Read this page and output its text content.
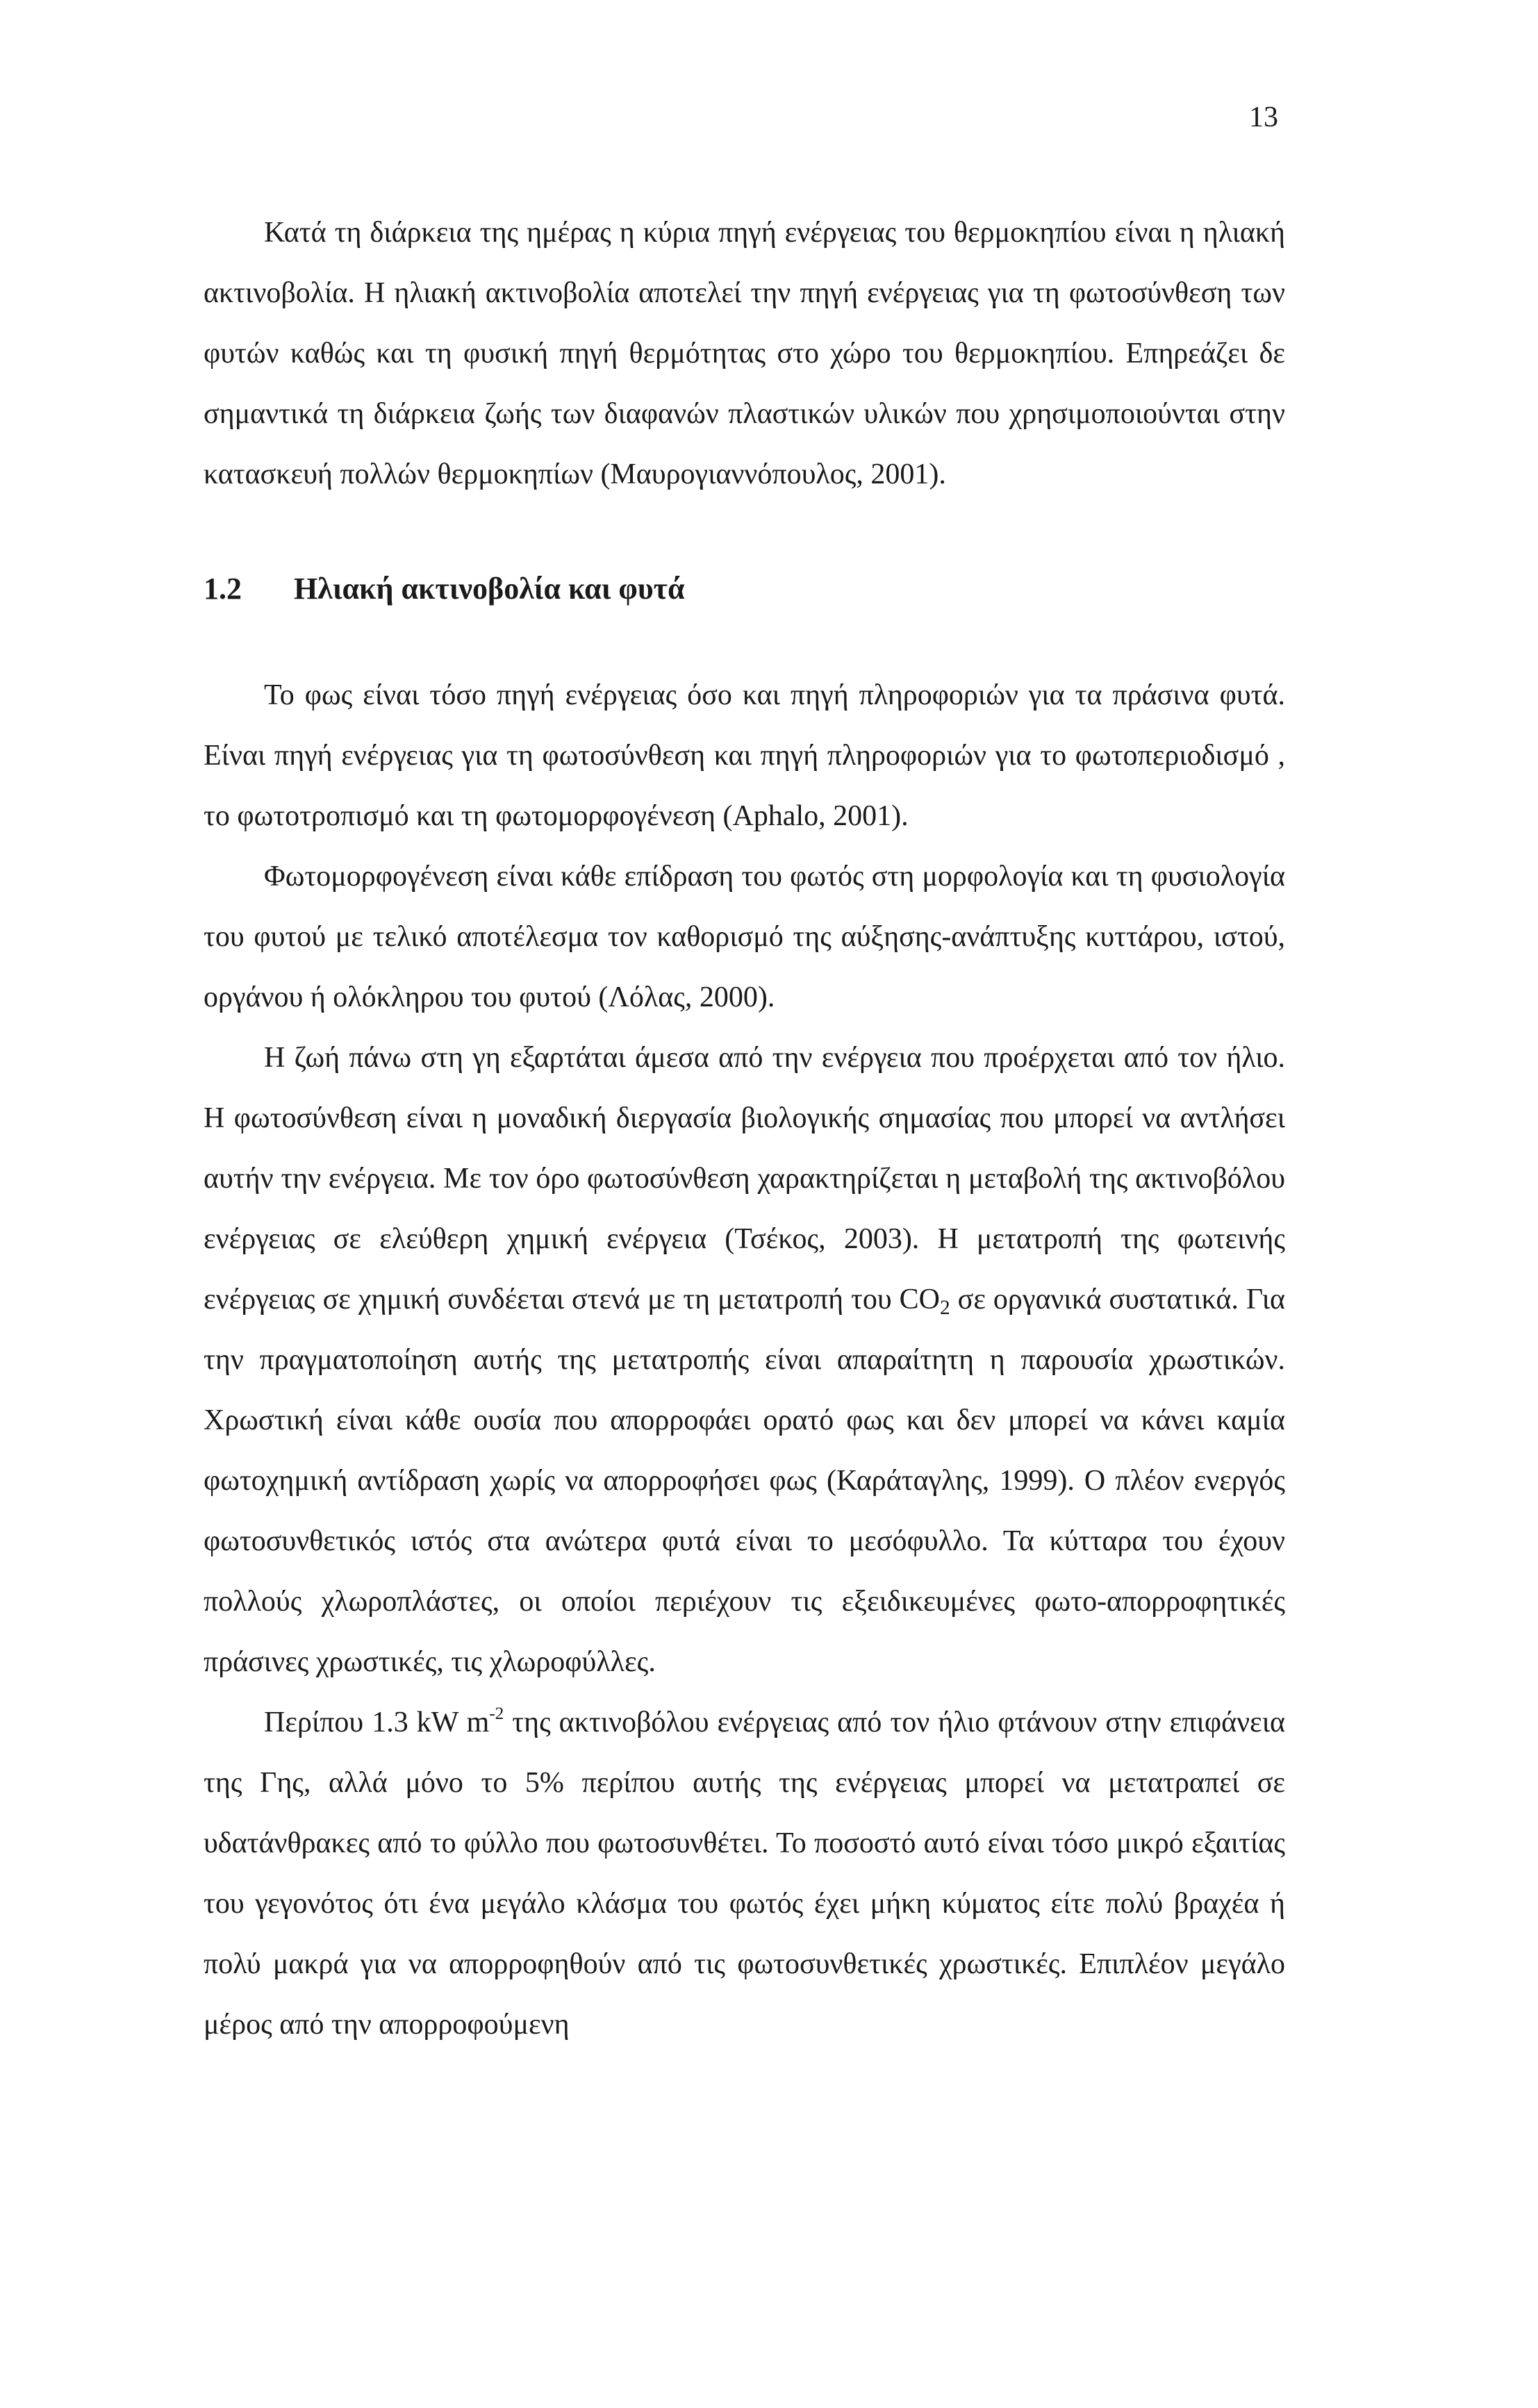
13

Κατά τη διάρκεια της ημέρας η κύρια πηγή ενέργειας του θερμοκηπίου είναι η ηλιακή ακτινοβολία. Η ηλιακή ακτινοβολία αποτελεί την πηγή ενέργειας για τη φωτοσύνθεση των φυτών καθώς και τη φυσική πηγή θερμότητας στο χώρο του θερμοκηπίου. Επηρεάζει δε σημαντικά τη διάρκεια ζωής των διαφανών πλαστικών υλικών που χρησιμοποιούνται στην κατασκευή πολλών θερμοκηπίων (Μαυρογιαννόπουλος, 2001).

1.2	Ηλιακή ακτινοβολία και φυτά

Το φως είναι τόσο πηγή ενέργειας όσο και πηγή πληροφοριών για τα πράσινα φυτά. Είναι πηγή ενέργειας για τη φωτοσύνθεση και πηγή πληροφοριών για το φωτοπεριοδισμό , το φωτοτροπισμό και τη φωτομορφογένεση (Aphalo, 2001).

Φωτομορφογένεση είναι κάθε επίδραση του φωτός στη μορφολογία και τη φυσιολογία του φυτού με τελικό αποτέλεσμα τον καθορισμό της αύξησης-ανάπτυξης κυττάρου, ιστού, οργάνου ή ολόκληρου του φυτού (Λόλας, 2000).

Η ζωή πάνω στη γη εξαρτάται άμεσα από την ενέργεια που προέρχεται από τον ήλιο. Η φωτοσύνθεση είναι η μοναδική διεργασία βιολογικής σημασίας που μπορεί να αντλήσει αυτήν την ενέργεια. Με τον όρο φωτοσύνθεση χαρακτηρίζεται η μεταβολή της ακτινοβόλου ενέργειας σε ελεύθερη χημική ενέργεια (Τσέκος, 2003). Η μετατροπή της φωτεινής ενέργειας σε χημική συνδέεται στενά με τη μετατροπή του $CO_2$ σε οργανικά συστατικά. Για την πραγματοποίηση αυτής της μετατροπής είναι απαραίτητη η παρουσία χρωστικών. Χρωστική είναι κάθε ουσία που απορροφάει ορατό φως και δεν μπορεί να κάνει καμία φωτοχημική αντίδραση χωρίς να απορροφήσει φως (Καράταγλης, 1999). Ο πλέον ενεργός φωτοσυνθετικός ιστός στα ανώτερα φυτά είναι το μεσόφυλλο. Τα κύτταρα του έχουν πολλούς χλωροπλάστες, οι οποίοι περιέχουν τις εξειδικευμένες φωτο-απορροφητικές πράσινες χρωστικές, τις χλωροφύλλες.

Περίπου 1.3 kW $m^{-2}$ της ακτινοβόλου ενέργειας από τον ήλιο φτάνουν στην επιφάνεια της Γης, αλλά μόνο το 5% περίπου αυτής της ενέργειας μπορεί να μετατραπεί σε υδατάνθρακες από το φύλλο που φωτοσυνθέτει. Το ποσοστό αυτό είναι τόσο μικρό εξαιτίας του γεγονότος ότι ένα μεγάλο κλάσμα του φωτός έχει μήκη κύματος είτε πολύ βραχέα ή πολύ μακρά για να απορροφηθούν από τις φωτοσυνθετικές χρωστικές. Επιπλέον μεγάλο μέρος από την απορροφούμενη
